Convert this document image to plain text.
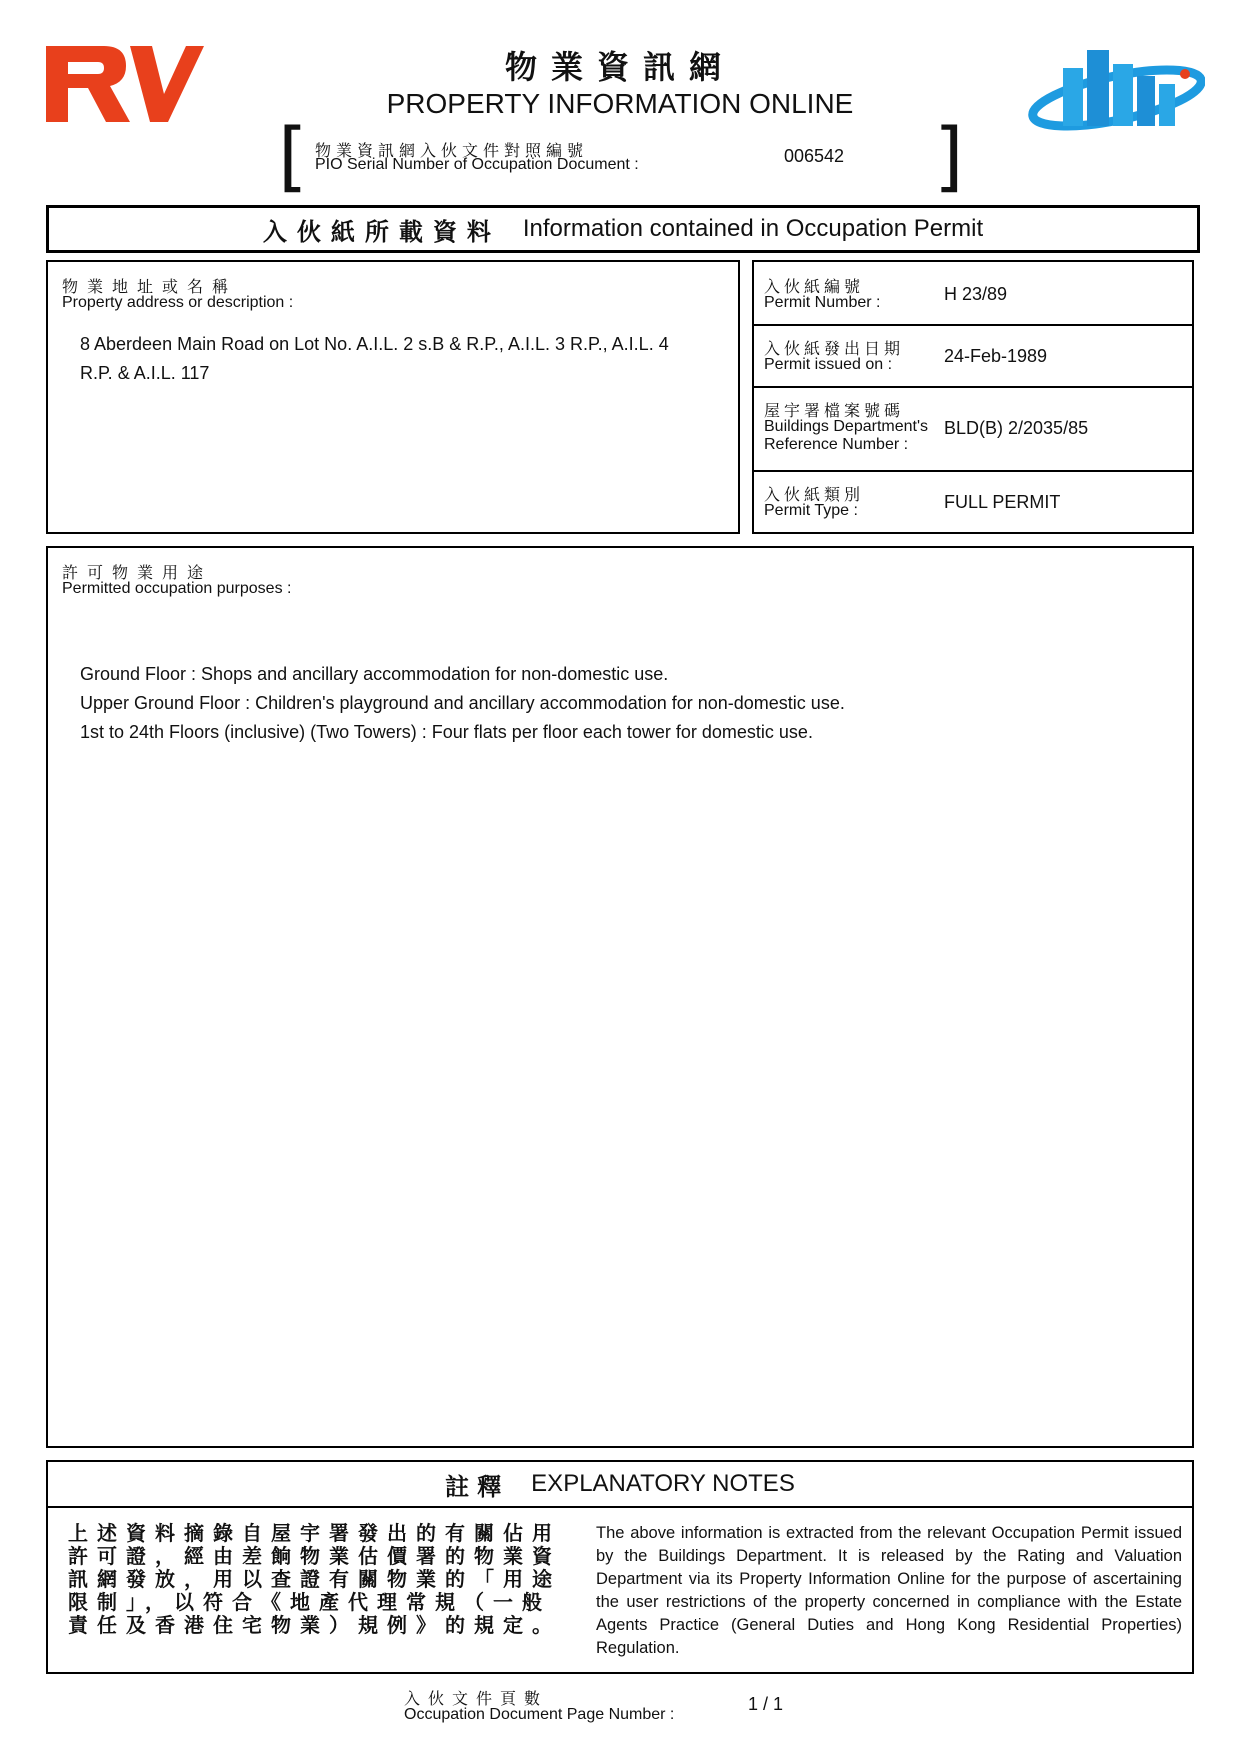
物業資訊網
PROPERTY INFORMATION ONLINE
[	]
物業資訊網入伙文件對照編號
PIO Serial Number of Occupation Document :	006542
入伙紙所載資料 Information contained in Occupation Permit
物業地址或名稱
Property address or description :
8 Aberdeen Main Road on Lot No. A.I.L. 2 s.B & R.P., A.I.L. 3 R.P., A.I.L. 4
R.P. & A.I.L. 117
入伙紙編號
Permit Number :	H 23/89
入伙紙發出日期
Permit issued on :	24-Feb-1989
屋宇署檔案號碼
Buildings Department's
Reference Number :
BLD(B) 2/2035/85
入伙紙類別
Permit Type :	FULL PERMIT
許可物業用途
Permitted occupation purposes :
Ground Floor : Shops and ancillary accommodation for non-domestic use.
Upper Ground Floor : Children's playground and ancillary accommodation for non-domestic use.
1st to 24th Floors (inclusive) (Two Towers) : Four flats per floor each tower for domestic use.
註釋 EXPLANATORY NOTES
上述資料摘錄自屋宇署發出的有關佔用許可證，經由差餉物業估價署的物業資訊網發放，用以查證有關物業的「用途限制」，以符合《地產代理常規（一般責任及香港住宅物業）規例》的規定。
The above information is extracted from the relevant Occupation Permit issued by the Buildings Department. It is released by the Rating and Valuation Department via its Property Information Online for the purpose of ascertaining the user restrictions of the property concerned in compliance with the Estate Agents Practice (General Duties and Hong Kong Residential Properties) Regulation.
入伙文件頁數
Occupation Document Page Number :
1 / 1
